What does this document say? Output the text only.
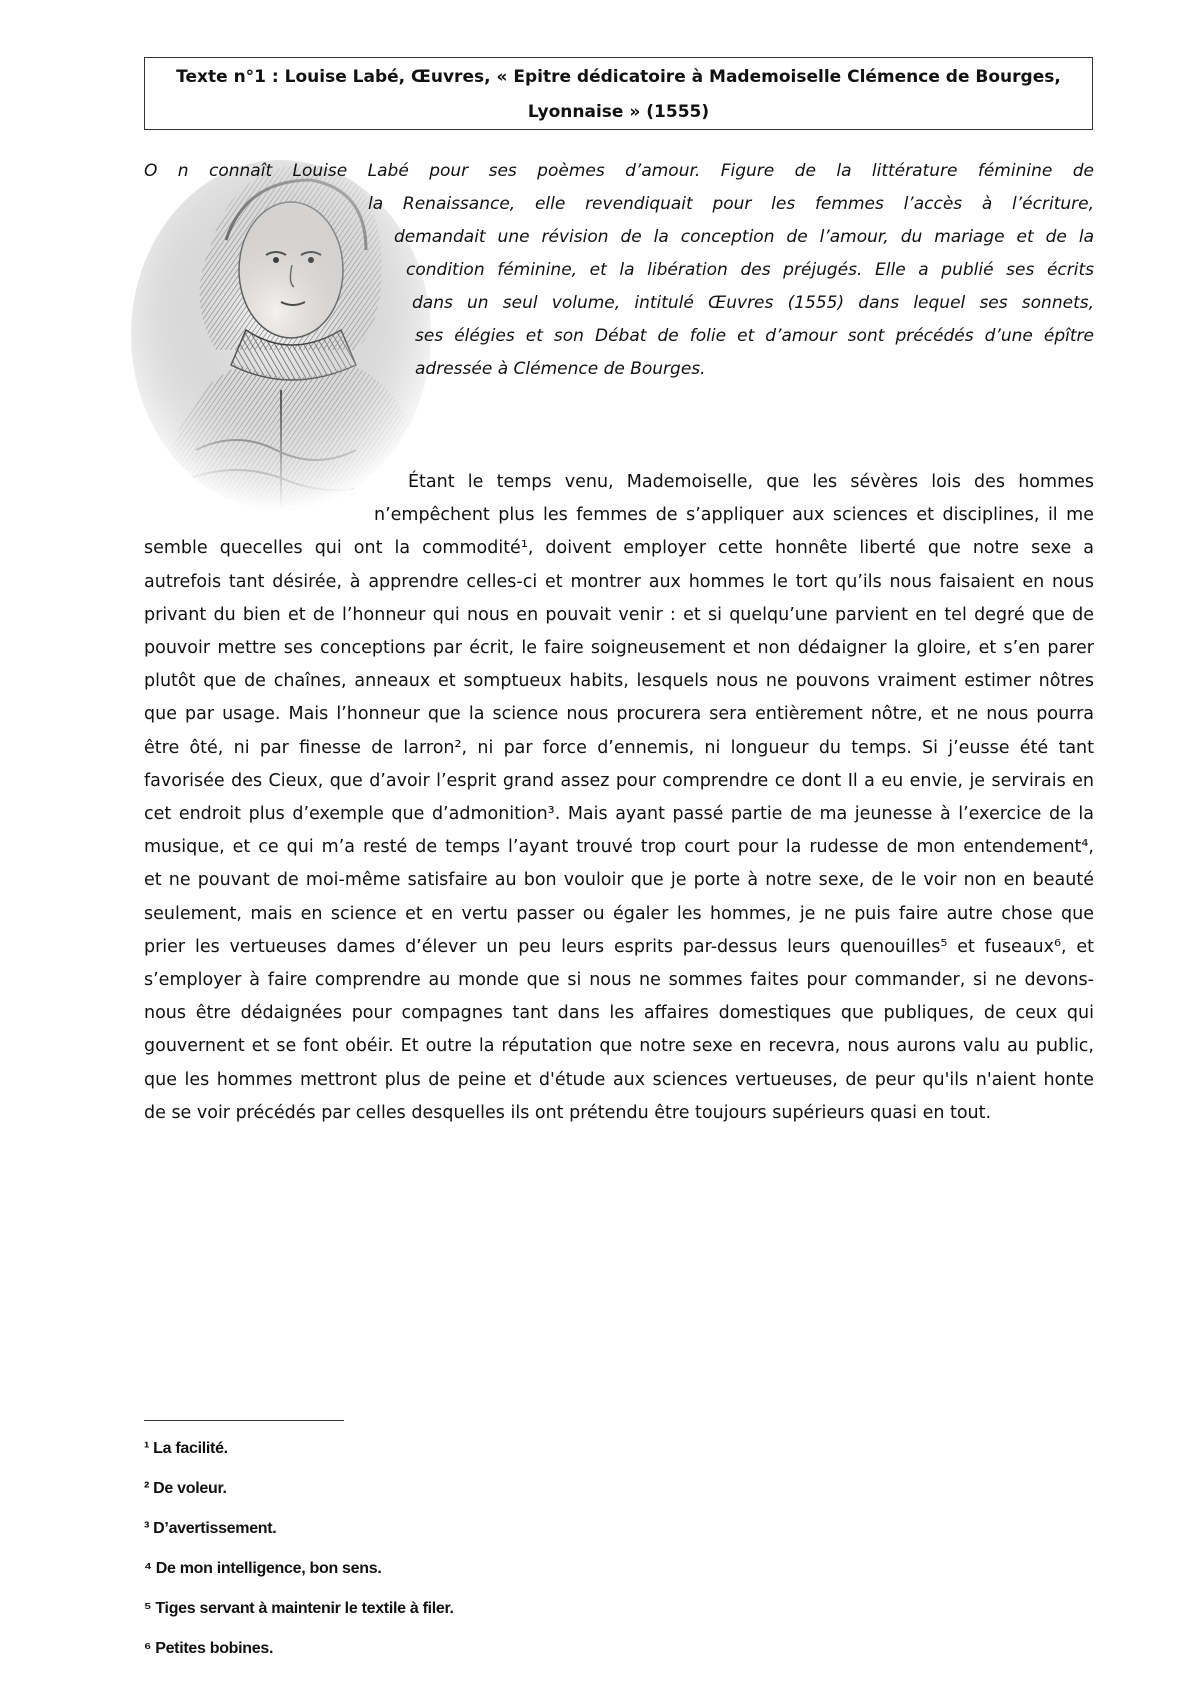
Texte n°1 : Louise Labé, Œuvres, « Epitre dédicatoire à Mademoiselle Clémence de Bourges,
Lyonnaise » (1555)
O n connaît Louise Labé pour ses poèmes d’amour. Figure de la littérature féminine de
la Renaissance, elle revendiquait pour les femmes l’accès à l’écriture,
demandait une révision de la conception de l’amour, du mariage et de la
condition féminine, et la libération des préjugés. Elle a publié ses écrits
dans un seul volume, intitulé Œuvres (1555) dans lequel ses sonnets,
ses élégies et son Débat de folie et d’amour sont précédés d’une épître
adressée à Clémence de Bourges.
Étant le temps venu, Mademoiselle, que les sévères lois des hommes
n’empêchent plus les femmes de s’appliquer aux sciences et disciplines, il me
semble quecelles qui ont la commodité¹, doivent employer cette honnête liberté que notre sexe a
autrefois tant désirée, à apprendre celles-ci et montrer aux hommes le tort qu’ils nous faisaient en nous
privant du bien et de l’honneur qui nous en pouvait venir : et si quelqu’une parvient en tel degré que de
pouvoir mettre ses conceptions par écrit, le faire soigneusement et non dédaigner la gloire, et s’en parer
plutôt que de chaînes, anneaux et somptueux habits, lesquels nous ne pouvons vraiment estimer nôtres
que par usage. Mais l’honneur que la science nous procurera sera entièrement nôtre, et ne nous pourra
être ôté, ni par finesse de larron², ni par force d’ennemis, ni longueur du temps. Si j’eusse été tant
favorisée des Cieux, que d’avoir l’esprit grand assez pour comprendre ce dont Il a eu envie, je servirais en
cet endroit plus d’exemple que d’admonition³. Mais ayant passé partie de ma jeunesse à l’exercice de la
musique, et ce qui m’a resté de temps l’ayant trouvé trop court pour la rudesse de mon entendement⁴,
et ne pouvant de moi-même satisfaire au bon vouloir que je porte à notre sexe, de le voir non en beauté
seulement, mais en science et en vertu passer ou égaler les hommes, je ne puis faire autre chose que
prier les vertueuses dames d’élever un peu leurs esprits par-dessus leurs quenouilles⁵ et fuseaux⁶, et
s’employer à faire comprendre au monde que si nous ne sommes faites pour commander, si ne devons-
nous être dédaignées pour compagnes tant dans les affaires domestiques que publiques, de ceux qui
gouvernent et se font obéir. Et outre la réputation que notre sexe en recevra, nous aurons valu au public,
que les hommes mettront plus de peine et d'étude aux sciences vertueuses, de peur qu'ils n'aient honte
de se voir précédés par celles desquelles ils ont prétendu être toujours supérieurs quasi en tout.
¹ La facilité.
² De voleur.
³ D’avertissement.
⁴ De mon intelligence, bon sens.
⁵ Tiges servant à maintenir le textile à filer.
⁶ Petites bobines.
